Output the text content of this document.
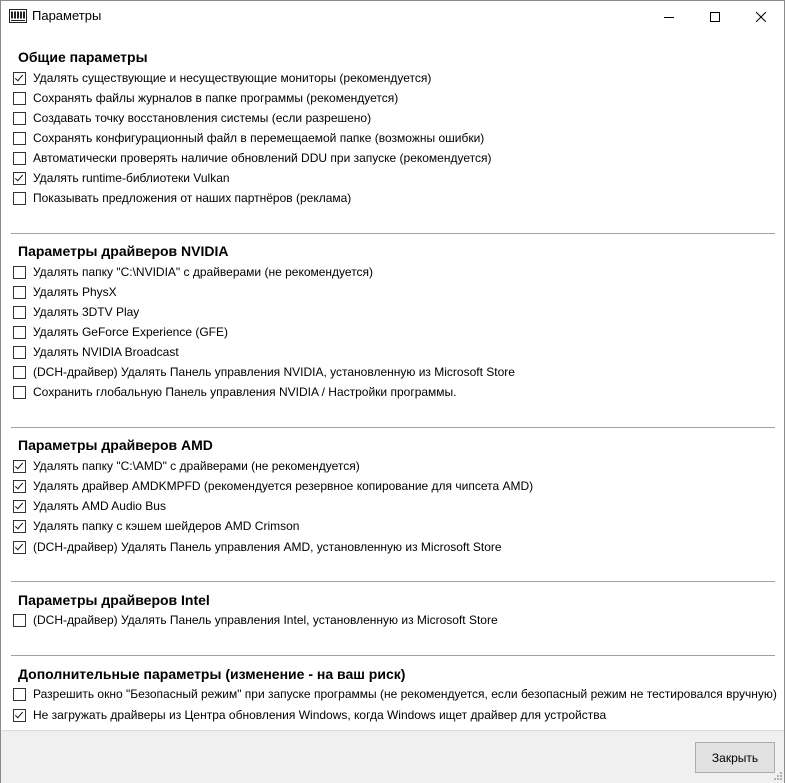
Параметры
Общие параметры
Удалять существующие и несуществующие мониторы (рекомендуется)
Сохранять файлы журналов в папке программы (рекомендуется)
Создавать точку восстановления системы (если разрешено)
Сохранять конфигурационный файл в перемещаемой папке (возможны ошибки)
Автоматически проверять наличие обновлений DDU при запуске (рекомендуется)
Удалять runtime-библиотеки Vulkan
Показывать предложения от наших партнёров (реклама)
Параметры драйверов NVIDIA
Удалять папку "C:\NVIDIA" с драйверами (не рекомендуется)
Удалять PhysX
Удалять 3DTV Play
Удалять GeForce Experience (GFE)
Удалять NVIDIA Broadcast
(DCH-драйвер) Удалять Панель управления NVIDIA, установленную из Microsoft Store
Сохранить глобальную Панель управления NVIDIA / Настройки программы.
Параметры драйверов AMD
Удалять папку "C:\AMD" с драйверами (не рекомендуется)
Удалять драйвер AMDKMPFD (рекомендуется резервное копирование для чипсета AMD)
Удалять AMD Audio Bus
Удалять папку с кэшем шейдеров AMD Crimson
(DCH-драйвер) Удалять Панель управления AMD, установленную из Microsoft Store
Параметры драйверов Intel
(DCH-драйвер) Удалять Панель управления Intel, установленную из Microsoft Store
Дополнительные параметры (изменение - на ваш риск)
Разрешить окно "Безопасный режим" при запуске программы (не рекомендуется, если безопасный режим не тестировался вручную)
Не загружать драйверы из Центра обновления Windows, когда Windows ищет драйвер для устройства
Закрыть
